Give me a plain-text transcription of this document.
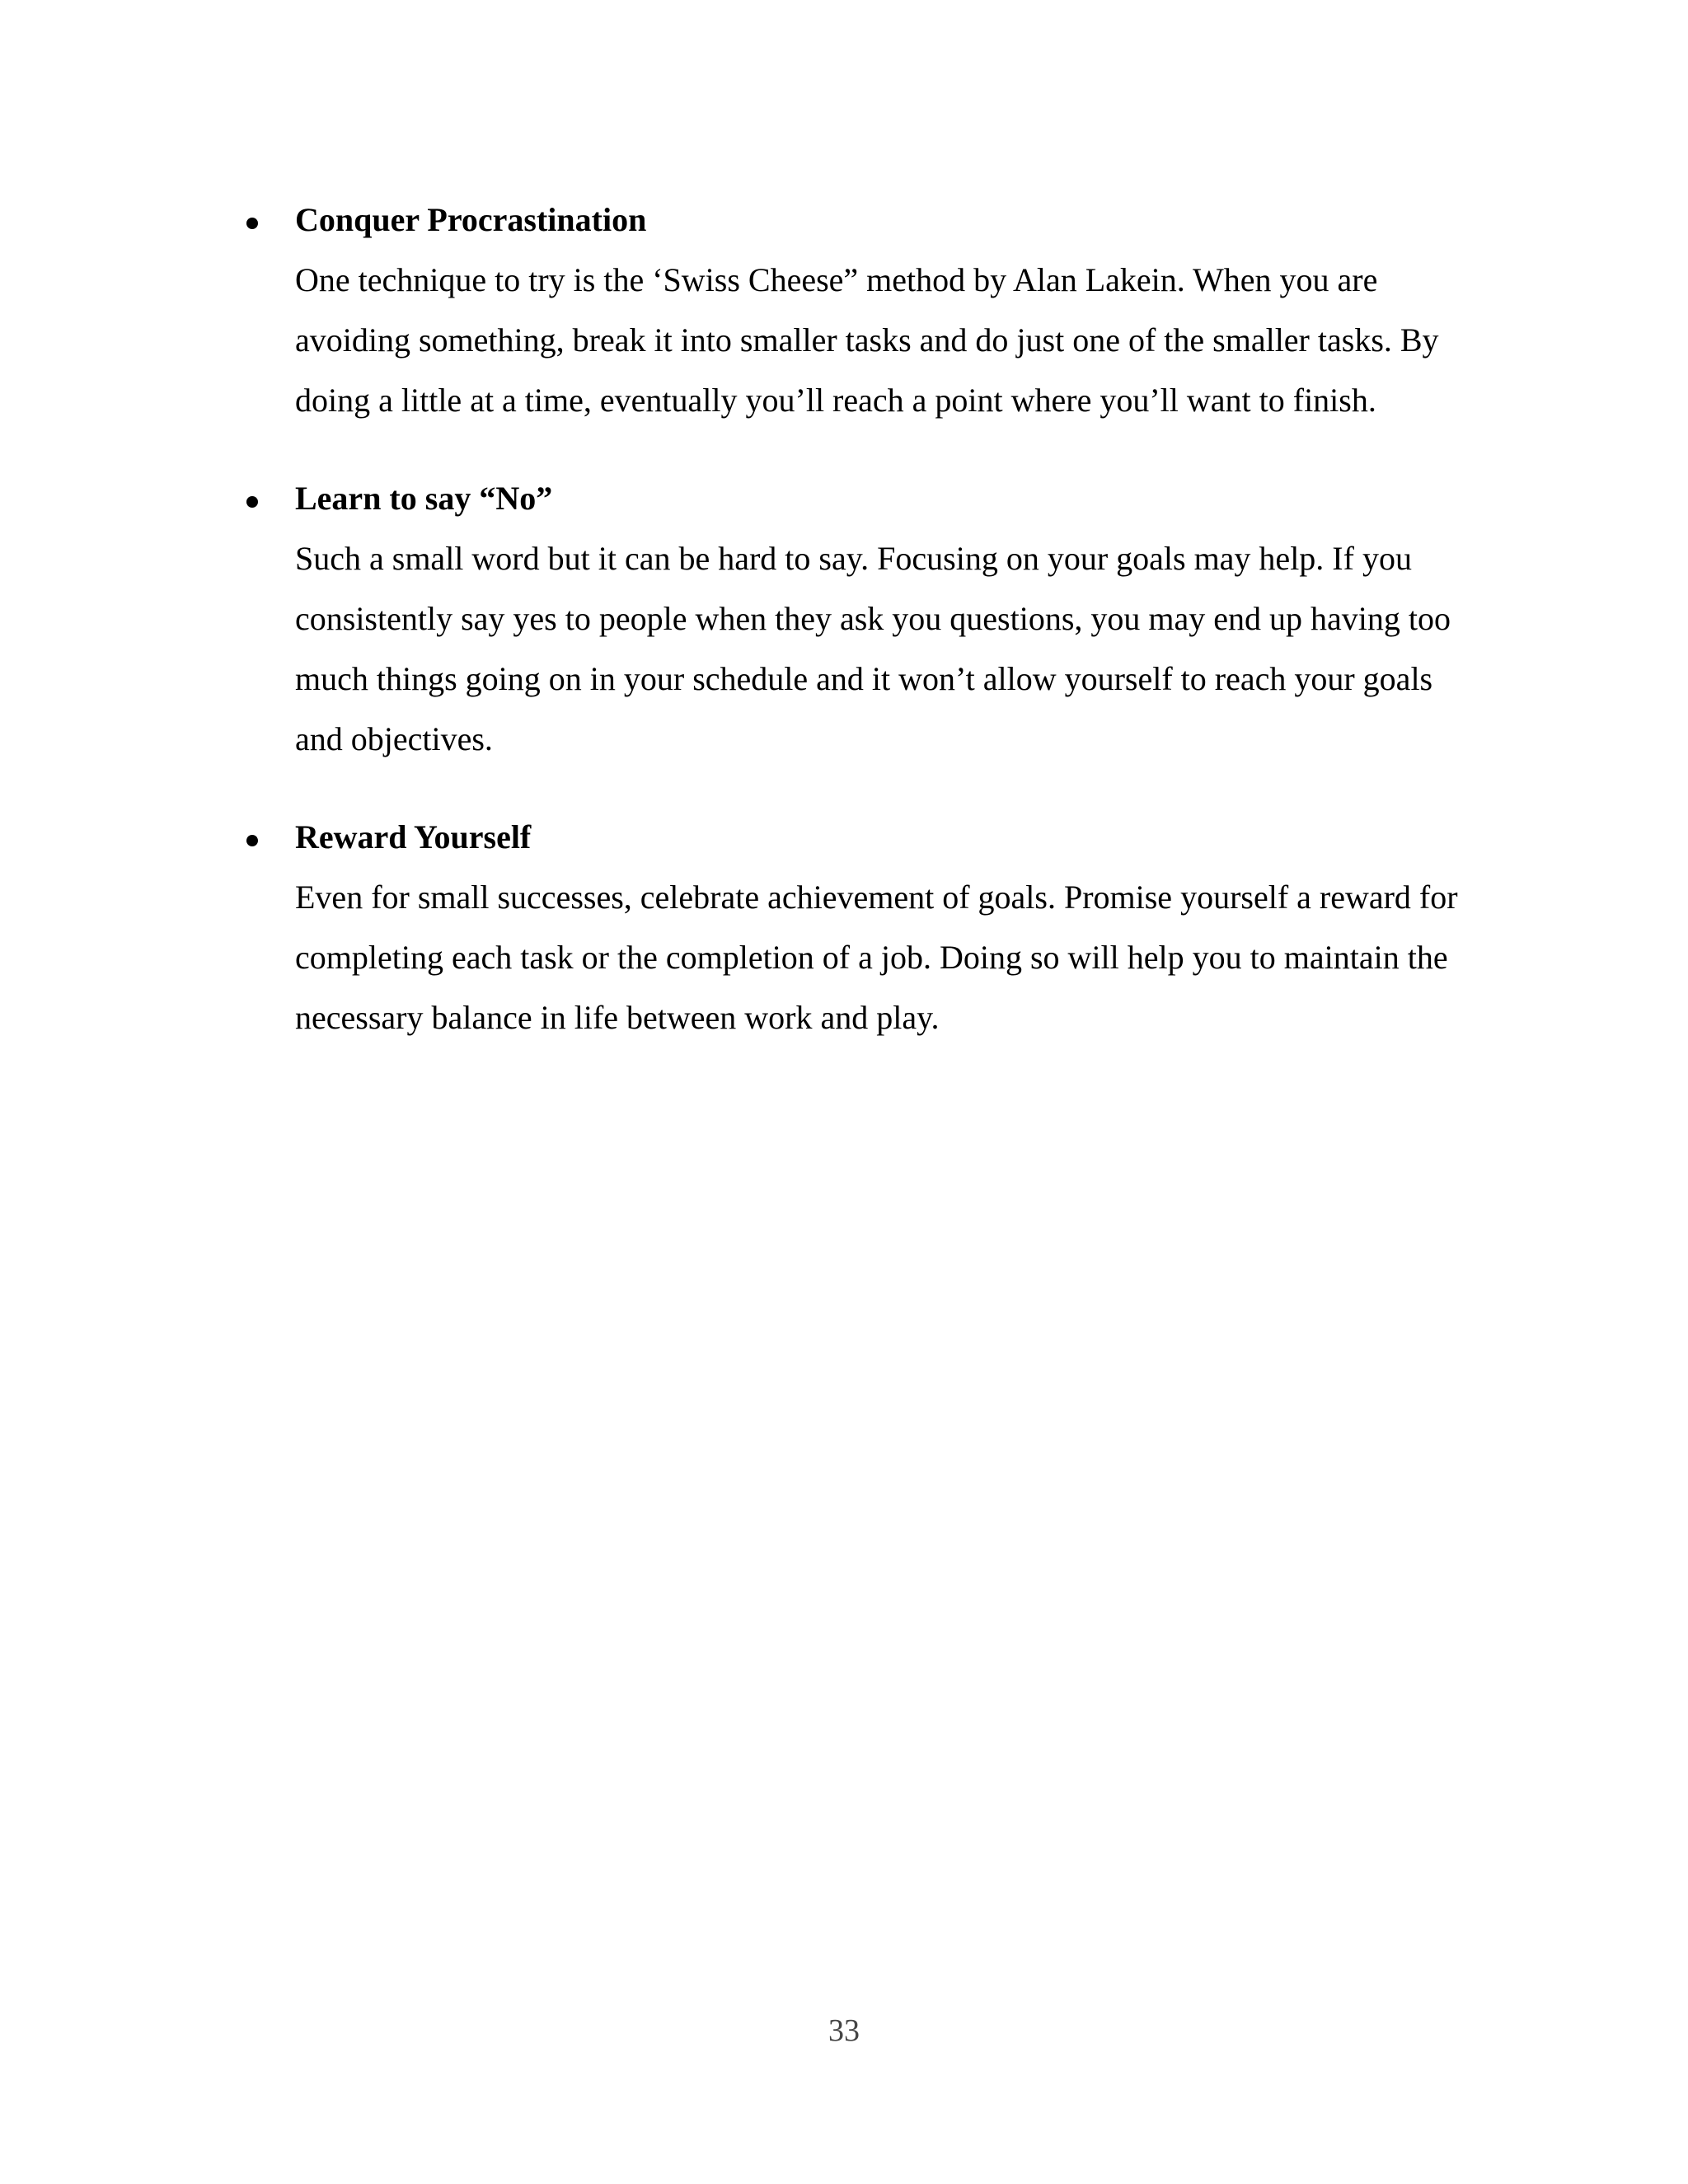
Conquer Procrastination
One technique to try is the ‘Swiss Cheese” method by Alan Lakein. When you are avoiding something, break it into smaller tasks and do just one of the smaller tasks. By doing a little at a time, eventually you’ll reach a point where you’ll want to finish.
Learn to say “No”
Such a small word but it can be hard to say. Focusing on your goals may help. If you consistently say yes to people when they ask you questions, you may end up having too much things going on in your schedule and it won’t allow yourself to reach your goals and objectives.
Reward Yourself
Even for small successes, celebrate achievement of goals. Promise yourself a reward for completing each task or the completion of a job. Doing so will help you to maintain the necessary balance in life between work and play.
33
